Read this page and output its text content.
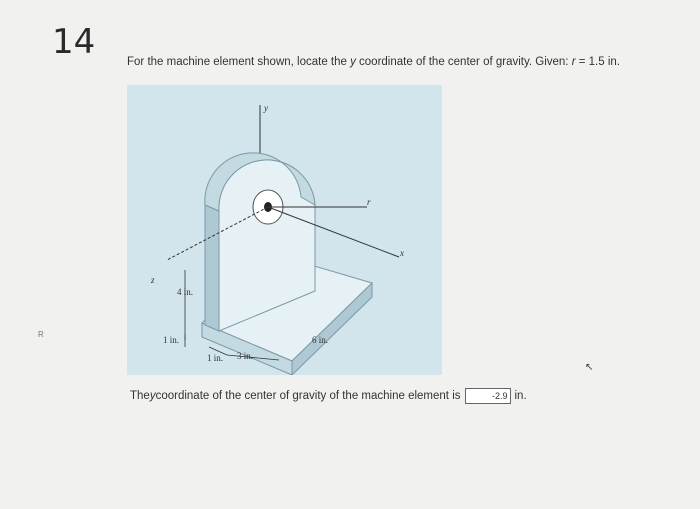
14	For the machine element shown, locate the y coordinate of the center of gravity. Given: r = 1.5 in.
y
x
z
r
4 in.
1 in.
1 in. 3 in.
6 in.
The y coordinate of the center of gravity of the machine element is	-2.9 in.
R
↖
